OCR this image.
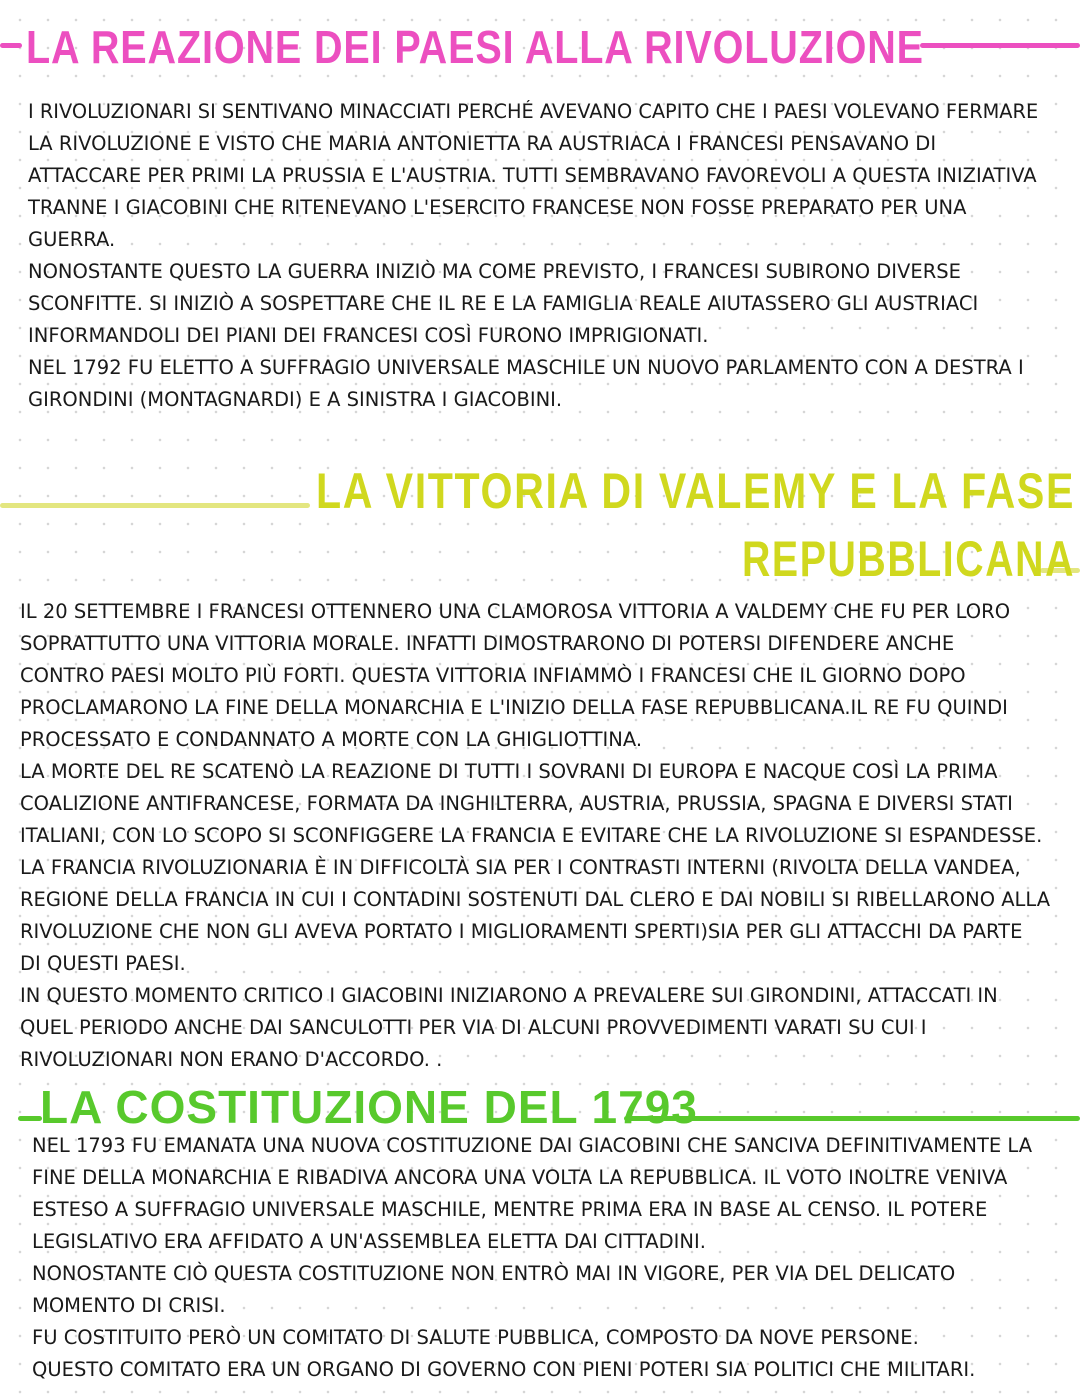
LA REAZIONE DEI PAESI ALLA RIVOLUZIONE
I RIVOLUZIONARI SI SENTIVANO MINACCIATI PERCHÉ AVEVANO CAPITO CHE I PAESI VOLEVANO FERMARE
LA RIVOLUZIONE E VISTO CHE MARIA ANTONIETTA RA AUSTRIACA I FRANCESI PENSAVANO DI
ATTACCARE PER PRIMI LA PRUSSIA E L'AUSTRIA. TUTTI SEMBRAVANO FAVOREVOLI A QUESTA INIZIATIVA
TRANNE I GIACOBINI CHE RITENEVANO L'ESERCITO FRANCESE NON FOSSE PREPARATO PER UNA
GUERRA.
NONOSTANTE QUESTO LA GUERRA INIZIÒ MA COME PREVISTO, I FRANCESI SUBIRONO DIVERSE
SCONFITTE. SI INIZIÒ A SOSPETTARE CHE IL RE E LA FAMIGLIA REALE AIUTASSERO GLI AUSTRIACI
INFORMANDOLI DEI PIANI DEI FRANCESI COSÌ FURONO IMPRIGIONATI.
NEL 1792 FU ELETTO A SUFFRAGIO UNIVERSALE MASCHILE UN NUOVO PARLAMENTO CON A DESTRA I
GIRONDINI (MONTAGNARDI) E A SINISTRA I GIACOBINI.
LA VITTORIA DI VALEMY E LA FASE
REPUBBLICANA
IL 20 SETTEMBRE I FRANCESI OTTENNERO UNA CLAMOROSA VITTORIA A VALDEMY CHE FU PER LORO
SOPRATTUTTO UNA VITTORIA MORALE. INFATTI DIMOSTRARONO DI POTERSI DIFENDERE ANCHE
CONTRO PAESI MOLTO PIÙ FORTI. QUESTA VITTORIA INFIAMMÒ I FRANCESI CHE IL GIORNO DOPO
PROCLAMARONO LA FINE DELLA MONARCHIA E L'INIZIO DELLA FASE REPUBBLICANA.IL RE FU QUINDI
PROCESSATO E CONDANNATO A MORTE CON LA GHIGLIOTTINA.
LA MORTE DEL RE SCATENÒ LA REAZIONE DI TUTTI I SOVRANI DI EUROPA E NACQUE COSÌ LA PRIMA
COALIZIONE ANTIFRANCESE, FORMATA DA INGHILTERRA, AUSTRIA, PRUSSIA, SPAGNA E DIVERSI STATI
ITALIANI, CON LO SCOPO SI SCONFIGGERE LA FRANCIA E EVITARE CHE LA RIVOLUZIONE SI ESPANDESSE.
LA FRANCIA RIVOLUZIONARIA È IN DIFFICOLTÀ SIA PER I CONTRASTI INTERNI (RIVOLTA DELLA VANDEA,
REGIONE DELLA FRANCIA IN CUI I CONTADINI SOSTENUTI DAL CLERO E DAI NOBILI SI RIBELLARONO ALLA
RIVOLUZIONE CHE NON GLI AVEVA PORTATO I MIGLIORAMENTI SPERTI)SIA PER GLI ATTACCHI DA PARTE
DI QUESTI PAESI.
IN QUESTO MOMENTO CRITICO I GIACOBINI INIZIARONO A PREVALERE SUI GIRONDINI, ATTACCATI IN
QUEL PERIODO ANCHE DAI SANCULOTTI PER VIA DI ALCUNI PROVVEDIMENTI VARATI SU CUI I
RIVOLUZIONARI NON ERANO D'ACCORDO. .
LA COSTITUZIONE DEL 1793
NEL 1793 FU EMANATA UNA NUOVA COSTITUZIONE DAI GIACOBINI CHE SANCIVA DEFINITIVAMENTE LA
FINE DELLA MONARCHIA E RIBADIVA ANCORA UNA VOLTA LA REPUBBLICA. IL VOTO INOLTRE VENIVA
ESTESO A SUFFRAGIO UNIVERSALE MASCHILE, MENTRE PRIMA ERA IN BASE AL CENSO. IL POTERE
LEGISLATIVO ERA AFFIDATO A UN'ASSEMBLEA ELETTA DAI CITTADINI.
NONOSTANTE CIÒ QUESTA COSTITUZIONE NON ENTRÒ MAI IN VIGORE, PER VIA DEL DELICATO
MOMENTO DI CRISI.
FU COSTITUITO PERÒ UN COMITATO DI SALUTE PUBBLICA, COMPOSTO DA NOVE PERSONE.
QUESTO COMITATO ERA UN ORGANO DI GOVERNO CON PIENI POTERI SIA POLITICI CHE MILITARI.
